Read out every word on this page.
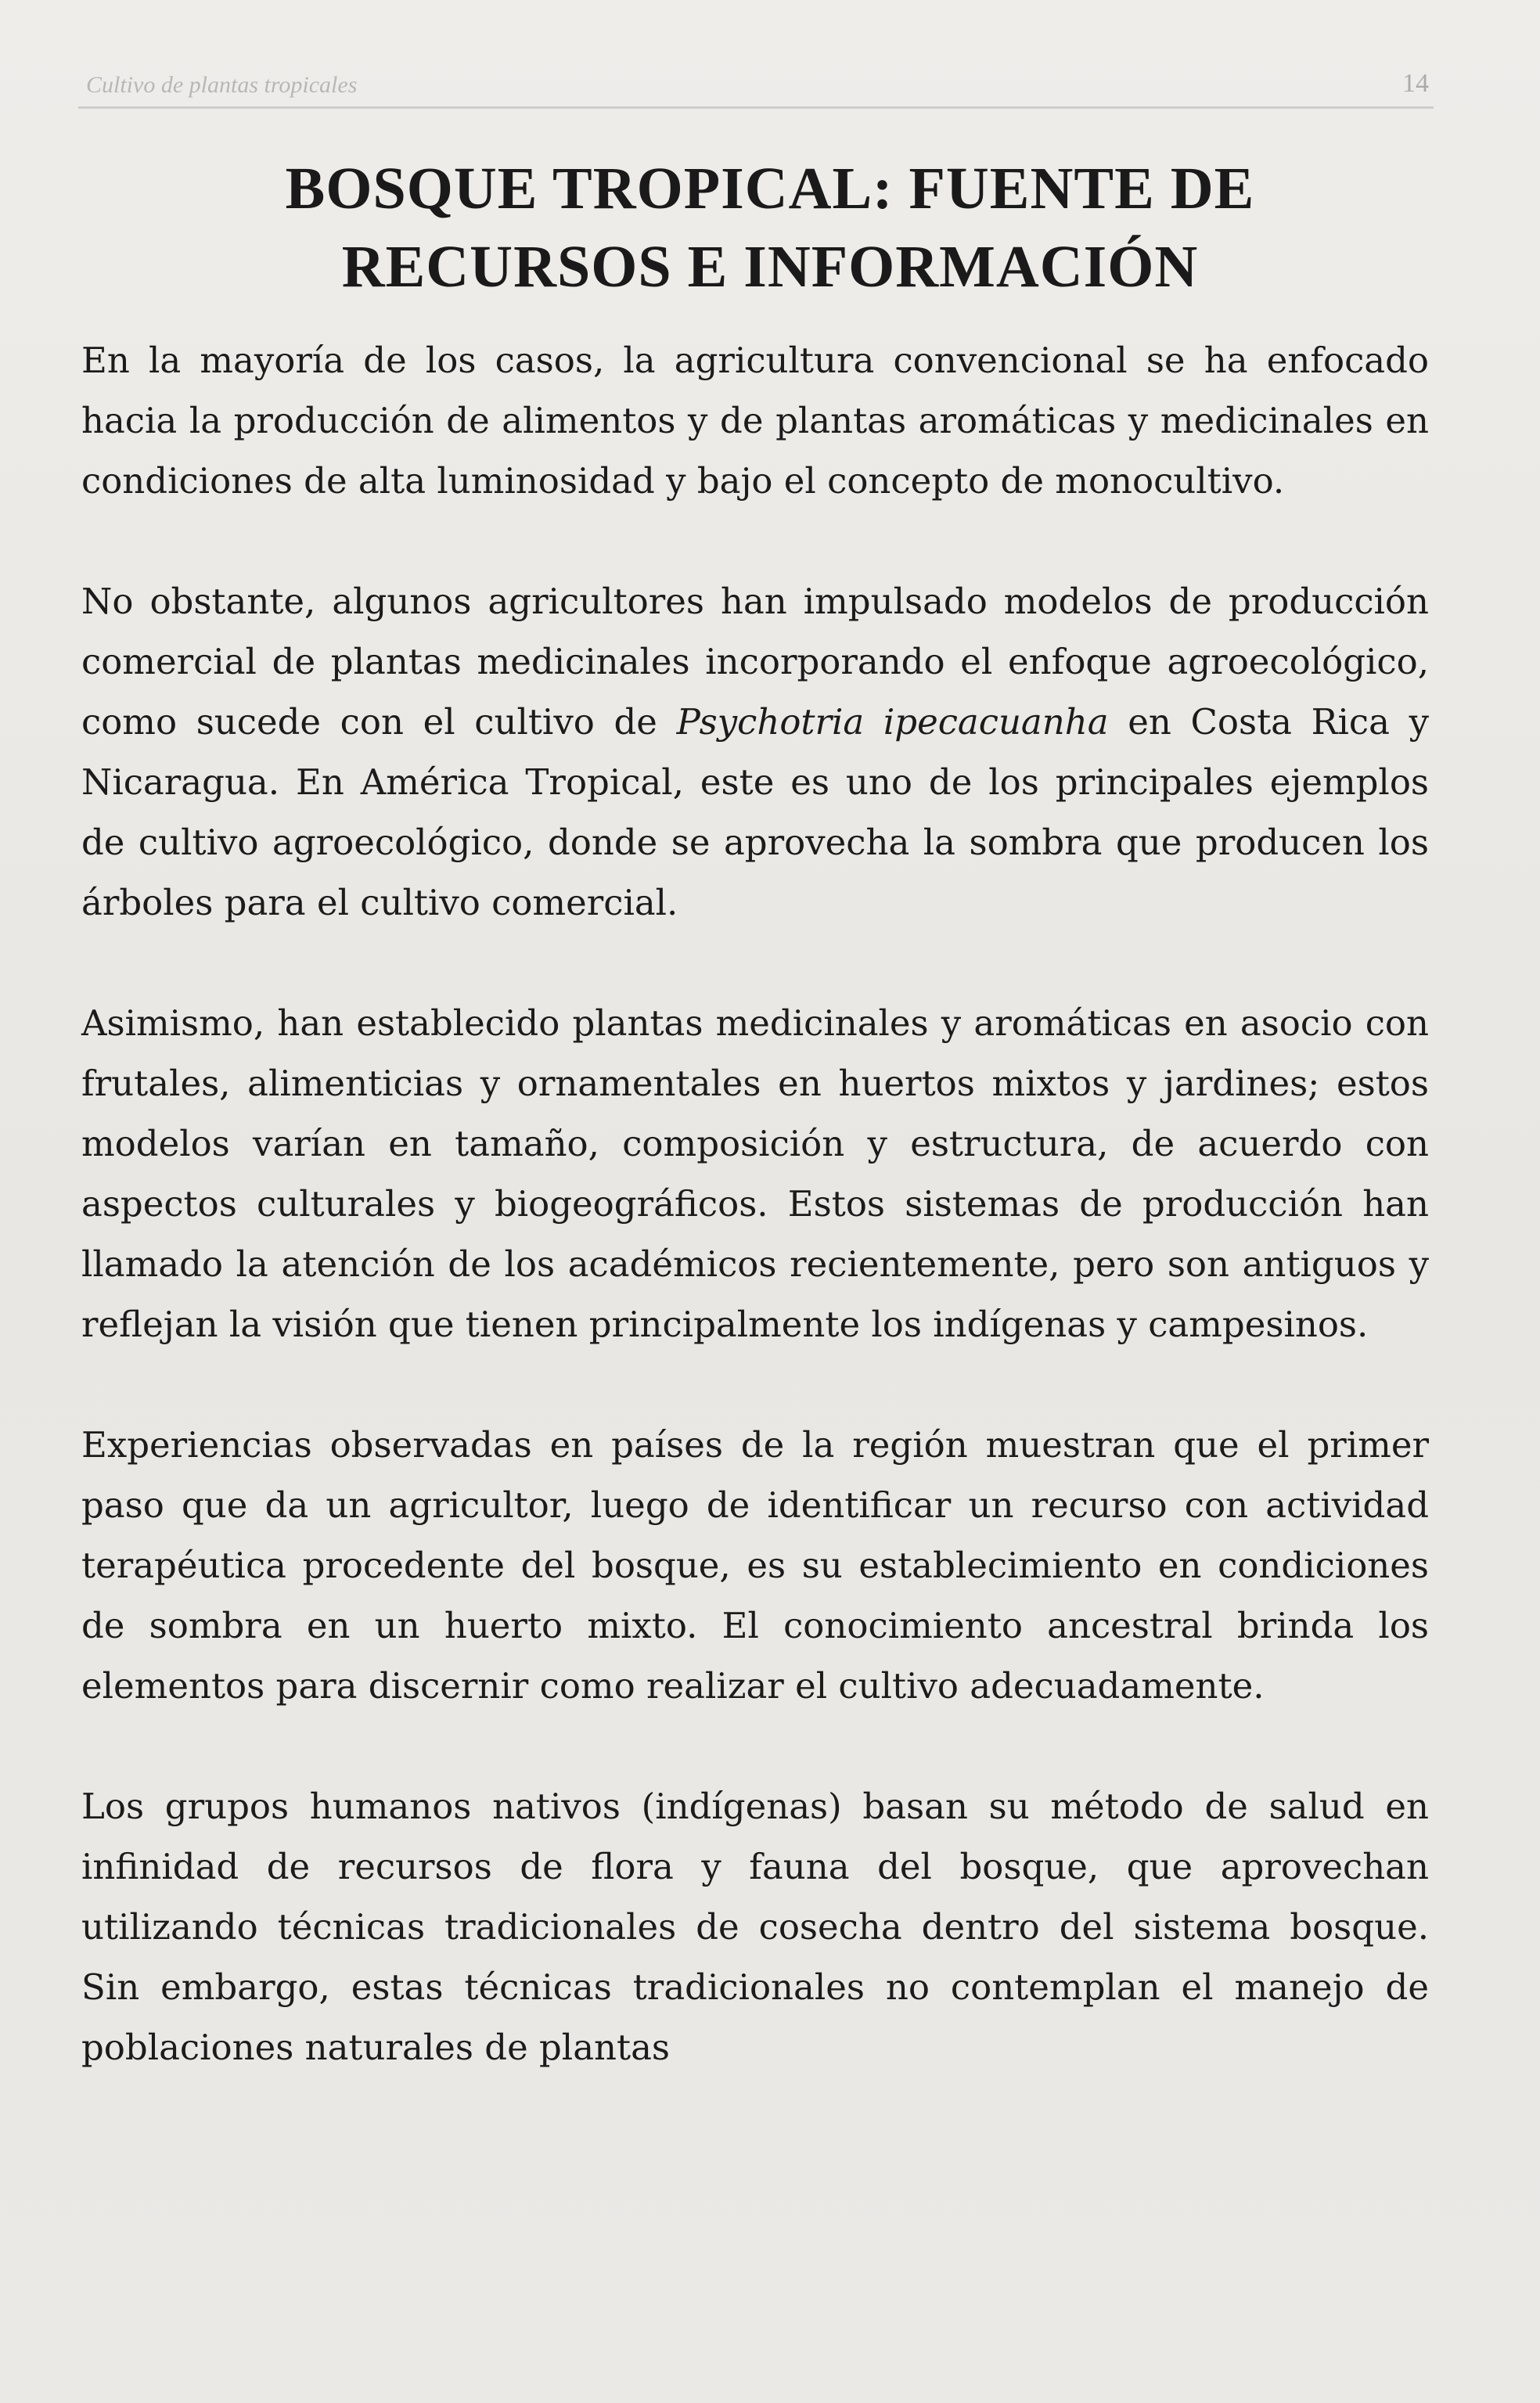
Cultivo de plantas tropicales	14
BOSQUE TROPICAL: FUENTE DE
RECURSOS E INFORMACIÓN

En la mayoría de los casos, la agricultura convencional se ha enfocado hacia la producción de alimentos y de plantas aromáticas y medicinales en condiciones de alta luminosidad y bajo el concepto de monocultivo.

No obstante, algunos agricultores han impulsado modelos de producción comercial de plantas medicinales incorporando el enfoque agroecológico, como sucede con el cultivo de Psychotria ipecacuanha en Costa Rica y Nicaragua. En América Tropical, este es uno de los principales ejemplos de cultivo agroecológico, donde se aprovecha la sombra que producen los árboles para el cultivo comercial.

Asimismo, han establecido plantas medicinales y aromáticas en asocio con frutales, alimenticias y ornamentales en huertos mixtos y jardines; estos modelos varían en tamaño, composición y estructura, de acuerdo con aspectos culturales y biogeográficos. Estos sistemas de producción han llamado la atención de los académicos recientemente, pero son antiguos y reflejan la visión que tienen principalmente los indígenas y campesinos.

Experiencias observadas en países de la región muestran que el primer paso que da un agricultor, luego de identificar un recurso con actividad terapéutica procedente del bosque, es su establecimiento en condiciones de sombra en un huerto mixto. El conocimiento ancestral brinda los elementos para discernir como realizar el cultivo adecuadamente.

Los grupos humanos nativos (indígenas) basan su método de salud en infinidad de recursos de flora y fauna del bosque, que aprovechan utilizando técnicas tradicionales de cosecha dentro del sistema bosque. Sin embargo, estas técnicas tradicionales no contemplan el manejo de poblaciones naturales de plantas
